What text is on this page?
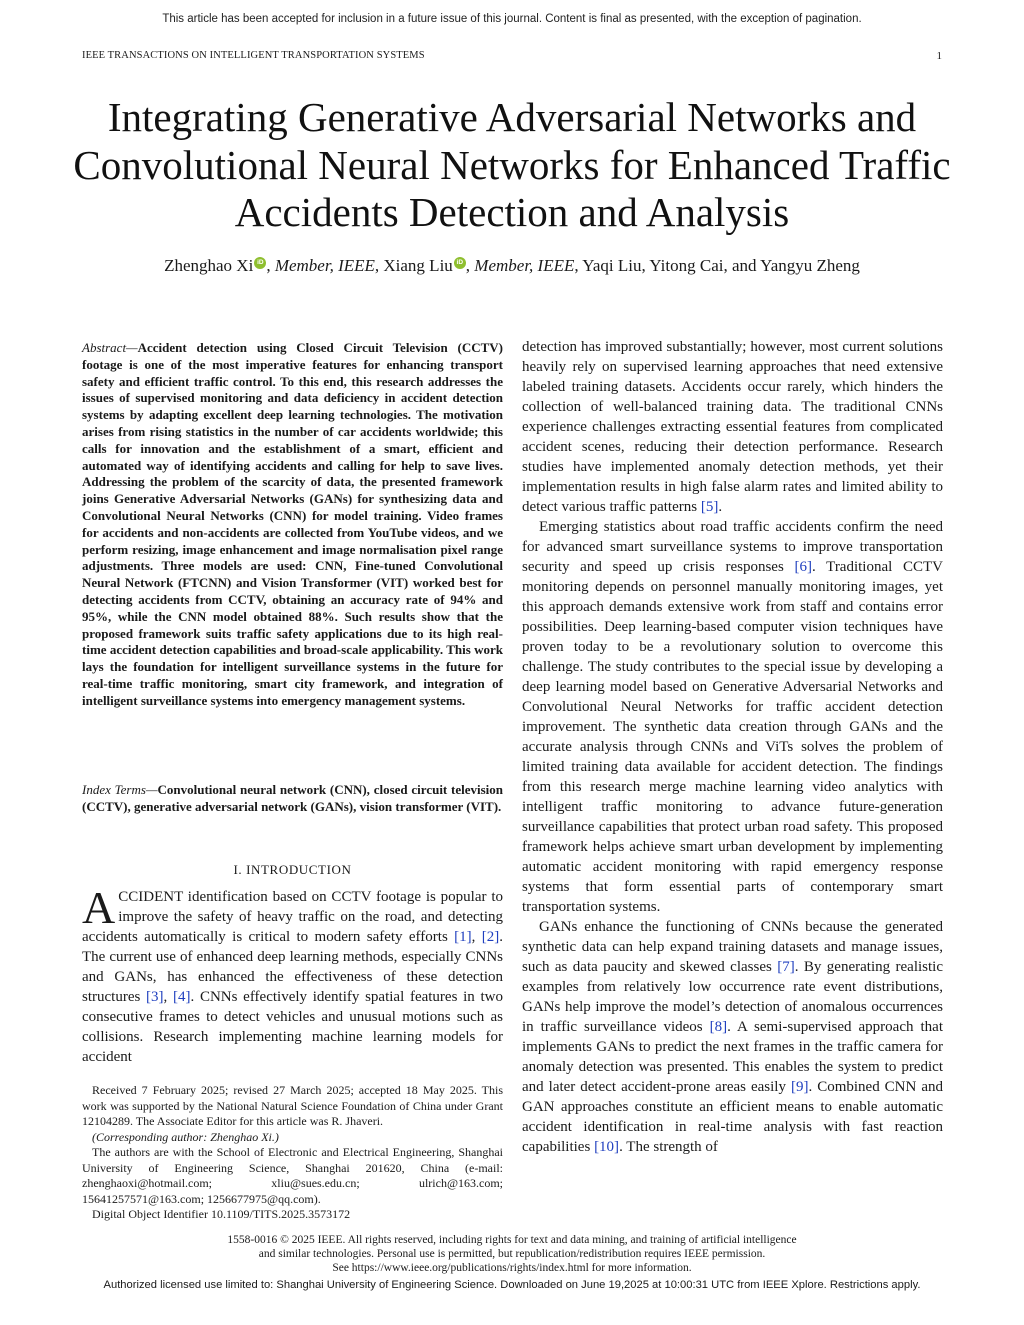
This article has been accepted for inclusion in a future issue of this journal. Content is final as presented, with the exception of pagination.
IEEE TRANSACTIONS ON INTELLIGENT TRANSPORTATION SYSTEMS	1
Integrating Generative Adversarial Networks and Convolutional Neural Networks for Enhanced Traffic Accidents Detection and Analysis
Zhenghao Xi iD , Member, IEEE, Xiang Liu iD , Member, IEEE, Yaqi Liu, Yitong Cai, and Yangyu Zheng
Abstract—Accident detection using Closed Circuit Television (CCTV) footage is one of the most imperative features for enhancing transport safety and efficient traffic control. To this end, this research addresses the issues of supervised monitoring and data deficiency in accident detection systems by adapting excellent deep learning technologies. The motivation arises from rising statistics in the number of car accidents worldwide; this calls for innovation and the establishment of a smart, efficient and automated way of identifying accidents and calling for help to save lives. Addressing the problem of the scarcity of data, the presented framework joins Generative Adversarial Networks (GANs) for synthesizing data and Convolutional Neural Networks (CNN) for model training. Video frames for accidents and non-accidents are collected from YouTube videos, and we perform resizing, image enhancement and image normalisation pixel range adjustments. Three models are used: CNN, Fine-tuned Convolutional Neural Network (FTCNN) and Vision Transformer (VIT) worked best for detecting accidents from CCTV, obtaining an accuracy rate of 94% and 95%, while the CNN model obtained 88%. Such results show that the proposed framework suits traffic safety applications due to its high real-time accident detection capabilities and broad-scale applicability. This work lays the foundation for intelligent surveillance systems in the future for real-time traffic monitoring, smart city framework, and integration of intelligent surveillance systems into emergency management systems.
Index Terms—Convolutional neural network (CNN), closed circuit television (CCTV), generative adversarial network (GANs), vision transformer (VIT).
I. INTRODUCTION

ACCIDENT identification based on CCTV footage is popular to improve the safety of heavy traffic on the road, and detecting accidents automatically is critical to modern safety efforts [1], [2]. The current use of enhanced deep learning methods, especially CNNs and GANs, has enhanced the effectiveness of these detection structures [3], [4]. CNNs effectively identify spatial features in two consecutive frames to detect vehicles and unusual motions such as collisions. Research implementing machine learning models for accident

Received 7 February 2025; revised 27 March 2025; accepted 18 May 2025. This work was supported by the National Natural Science Foundation of China under Grant 12104289. The Associate Editor for this article was R. Jhaveri.

(Corresponding author: Zhenghao Xi.)

The authors are with the School of Electronic and Electrical Engineering, Shanghai University of Engineering Science, Shanghai 201620, China (e-mail: zhenghaoxi@hotmail.com; xliu@sues.edu.cn; ulrich@163.com; 15641257571@163.com; 1256677975@qq.com).

Digital Object Identifier 10.1109/TITS.2025.3573172

detection has improved substantially; however, most current solutions heavily rely on supervised learning approaches that need extensive labeled training datasets. Accidents occur rarely, which hinders the collection of well-balanced training data. The traditional CNNs experience challenges extracting essential features from complicated accident scenes, reducing their detection performance. Research studies have implemented anomaly detection methods, yet their implementation results in high false alarm rates and limited ability to detect various traffic patterns [5].

Emerging statistics about road traffic accidents confirm the need for advanced smart surveillance systems to improve transportation security and speed up crisis responses [6]. Traditional CCTV monitoring depends on personnel manually monitoring images, yet this approach demands extensive work from staff and contains error possibilities. Deep learning-based computer vision techniques have proven today to be a revolutionary solution to overcome this challenge. The study contributes to the special issue by developing a deep learning model based on Generative Adversarial Networks and Convolutional Neural Networks for traffic accident detection improvement. The synthetic data creation through GANs and the accurate analysis through CNNs and ViTs solves the problem of limited training data available for accident detection. The findings from this research merge machine learning video analytics with intelligent traffic monitoring to advance future-generation surveillance capabilities that protect urban road safety. This proposed framework helps achieve smart urban development by implementing automatic accident monitoring with rapid emergency response systems that form essential parts of contemporary smart transportation systems.

GANs enhance the functioning of CNNs because the generated synthetic data can help expand training datasets and manage issues, such as data paucity and skewed classes [7]. By generating realistic examples from relatively low occurrence rate event distributions, GANs help improve the model’s detection of anomalous occurrences in traffic surveillance videos [8]. A semi-supervised approach that implements GANs to predict the next frames in the traffic camera for anomaly detection was presented. This enables the system to predict and later detect accident-prone areas easily [9]. Combined CNN and GAN approaches constitute an efficient means to enable automatic accident identification in real-time analysis with fast reaction capabilities [10]. The strength of

1558-0016 © 2025 IEEE. All rights reserved, including rights for text and data mining, and training of artificial intelligence
and similar technologies. Personal use is permitted, but republication/redistribution requires IEEE permission.
See https://www.ieee.org/publications/rights/index.html for more information.
Authorized licensed use limited to: Shanghai University of Engineering Science. Downloaded on June 19,2025 at 10:00:31 UTC from IEEE Xplore. Restrictions apply.
